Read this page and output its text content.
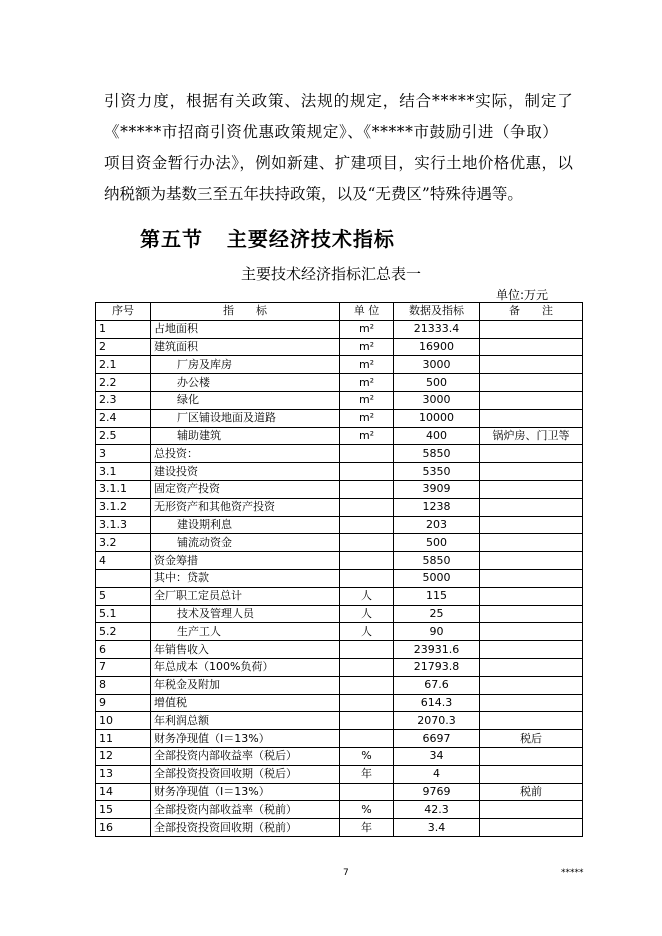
引资力度，根据有关政策、法规的规定，结合*****实际，制定了
《*****市招商引资优惠政策规定》、《*****市鼓励引进（争取）
项目资金暂行办法》，例如新建、扩建项目，实行土地价格优惠，以
纳税额为基数三至五年扶持政策，以及“无费区”特殊待遇等。
第五节   主要经济技术指标
主要技术经济指标汇总表一
单位:万元
序号	指　　标	单 位	数据及指标	备　　注
1	占地面积	m²	21333.4	
2	建筑面积	m²	16900	
2.1	厂房及库房	m²	3000	
2.2	办公楼	m²	500	
2.3	绿化	m²	3000	
2.4	厂区铺设地面及道路	m²	10000	
2.5	辅助建筑	m²	400	锅炉房、门卫等
3	总投资：		5850	
3.1	建设投资		5350	
3.1.1	固定资产投资		3909	
3.1.2	无形资产和其他资产投资		1238	
3.1.3	建设期利息		203	
3.2	铺流动资金		500	
4	资金筹措		5850	
	其中：贷款		5000	
5	全厂职工定员总计	人	115	
5.1	技术及管理人员	人	25	
5.2	生产工人	人	90	
6	年销售收入		23931.6	
7	年总成本（100%负荷）		21793.8	
8	年税金及附加		67.6	
9	增值税		614.3	
10	年利润总额		2070.3	
11	财务净现值（I＝13%）		6697	税后
12	全部投资内部收益率（税后）	%	34	
13	全部投资投资回收期（税后）	年	4	
14	财务净现值（I＝13%）		9769	税前
15	全部投资内部收益率（税前）	%	42.3	
16	全部投资投资回收期（税前）	年	3.4	
7	*****
